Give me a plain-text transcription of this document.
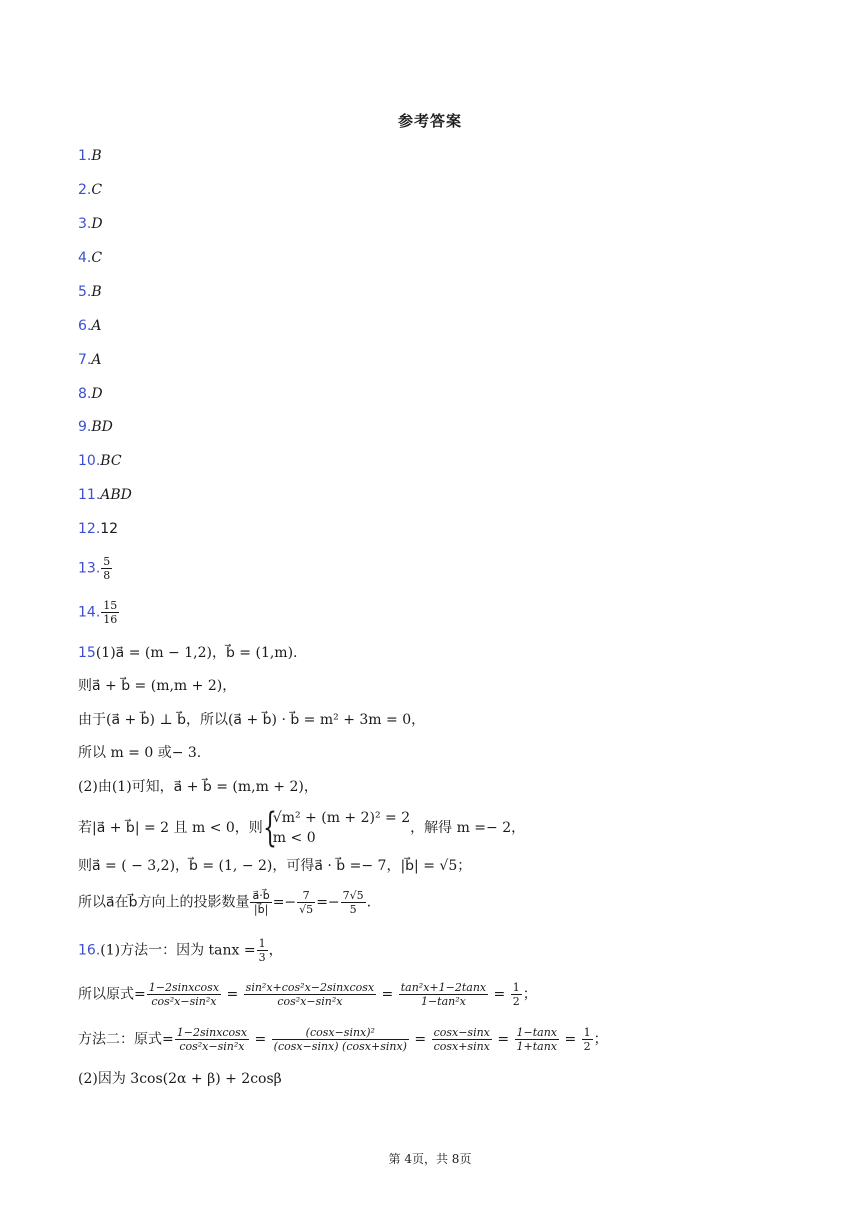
参考答案
1.B
2.C
3.D
4.C
5.B
6.A
7.A
8.D
9.BD
10.BC
11.ABD
12.12
13. $\frac{5}{8}$
14. $\frac{15}{16}$
15(1)a⃗ = (m − 1,2)，b⃗ = (1,m).
则a⃗ + b⃗ = (m,m + 2)，
由于(a⃗ + b⃗) ⊥ b⃗，所以(a⃗ + b⃗) · b⃗ = m² + 3m = 0，
所以 m = 0 或− 3.
(2)由(1)可知，a⃗ + b⃗ = (m,m + 2)，
若|a⃗ + b⃗| = 2 且 m < 0，则 {
√m² + (m + 2)² = 2
m < 0
，解得 m =− 2，
则a⃗ = ( − 3,2)，b⃗ = (1, − 2)，可得a⃗ · b⃗ =− 7，|b⃗| = √5；
所以a⃗在b⃗方向上的投影数量 $\frac{a⃗\cdot b⃗}{|b⃗|} =- \frac{7}{√5} =- \frac{7√5}{5}$ .
16.(1)方法一：因为 $\tan x = \frac{1}{3}$ ，
所以原式= $\frac{\text{1−2sinxcosx}}{\text{cos²x−sin²x}} = \frac{\text{sin²x+cos²x−2sinxcosx}}{\text{cos²x−sin²x}} = \frac{\text{tan²x+1−2tanx}}{\text{1−tan²x}} = \frac{1}{2}$ ；
方法二：原式= $\frac{\text{1−2sinxcosx}}{\text{cos²x−sin²x}} = \frac{\text{(cosx−sinx)²}}{(\cos x-\sin x) (\cos x+\sin x)} = \frac{\cos x-\sin x}{\cos x+\sin x} = \frac{1-\tan x}{1+\tan x} = \frac{1}{2}$ ；
(2)因为 3cos(2α + β) + 2cosβ
第 4页，共 8页
